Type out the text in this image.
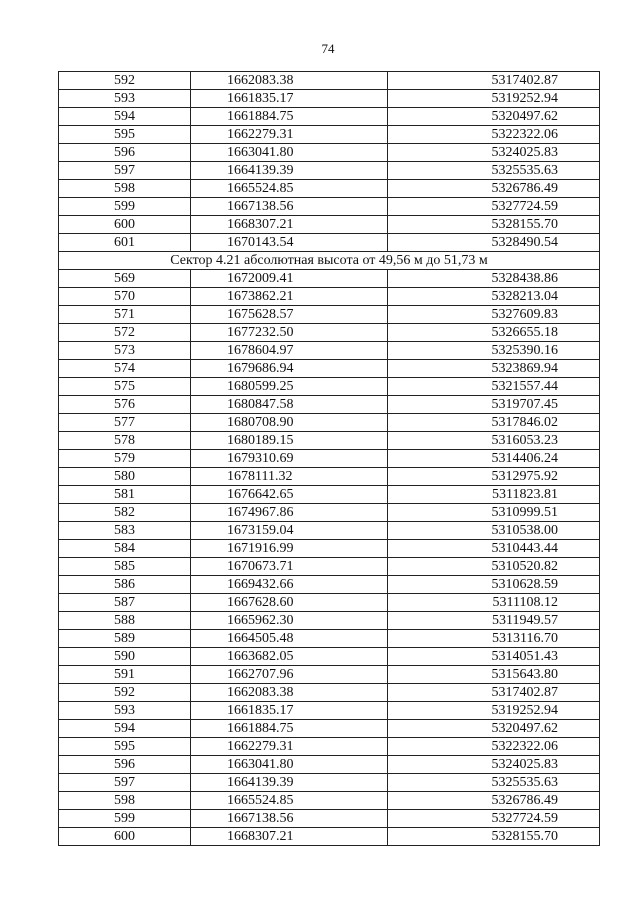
74
592	1662083.38	5317402.87
593	1661835.17	5319252.94
594	1661884.75	5320497.62
595	1662279.31	5322322.06
596	1663041.80	5324025.83
597	1664139.39	5325535.63
598	1665524.85	5326786.49
599	1667138.56	5327724.59
600	1668307.21	5328155.70
601	1670143.54	5328490.54
Сектор 4.21 абсолютная высота от 49,56 м до 51,73 м		
569	1672009.41	5328438.86
570	1673862.21	5328213.04
571	1675628.57	5327609.83
572	1677232.50	5326655.18
573	1678604.97	5325390.16
574	1679686.94	5323869.94
575	1680599.25	5321557.44
576	1680847.58	5319707.45
577	1680708.90	5317846.02
578	1680189.15	5316053.23
579	1679310.69	5314406.24
580	1678111.32	5312975.92
581	1676642.65	5311823.81
582	1674967.86	5310999.51
583	1673159.04	5310538.00
584	1671916.99	5310443.44
585	1670673.71	5310520.82
586	1669432.66	5310628.59
587	1667628.60	5311108.12
588	1665962.30	5311949.57
589	1664505.48	5313116.70
590	1663682.05	5314051.43
591	1662707.96	5315643.80
592	1662083.38	5317402.87
593	1661835.17	5319252.94
594	1661884.75	5320497.62
595	1662279.31	5322322.06
596	1663041.80	5324025.83
597	1664139.39	5325535.63
598	1665524.85	5326786.49
599	1667138.56	5327724.59
600	1668307.21	5328155.70
